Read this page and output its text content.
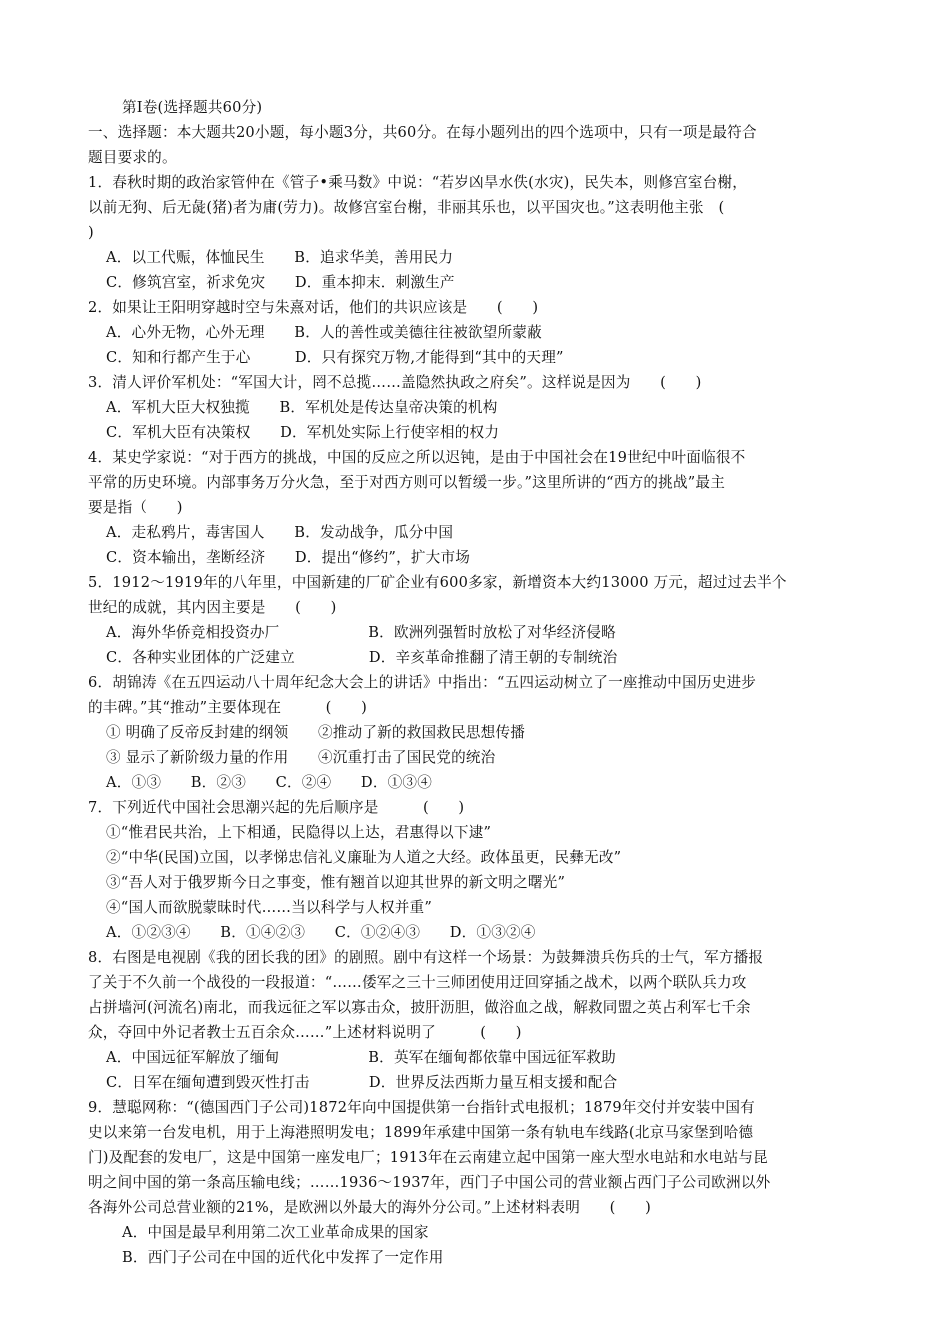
第Ⅰ卷(选择题共60分)
一、选择题：本大题共20小题，每小题3分，共60分。在每小题列出的四个选项中，只有一项是最符合
题目要求的。
1．春秋时期的政治家管仲在《管子•乘马数》中说：“若岁凶旱水佚(水灾)，民失本，则修宫室台榭，
以前无狗、后无彘(猪)者为庸(劳力)。故修宫室台榭，非丽其乐也，以平国灾也。”这表明他主张　(
)
A．以工代赈，体恤民生　　B．追求华美，善用民力
C．修筑宫室，祈求免灾　　D．重本抑末．刺激生产
2．如果让王阳明穿越时空与朱熹对话，他们的共识应该是　　(　　)
A．心外无物，心外无理　　B．人的善性或美德往往被欲望所蒙蔽
C．知和行都产生于心　　　D．只有探究万物,才能得到“其中的天理”
3．清人评价军机处：“军国大计，罔不总揽……盖隐然执政之府矣”。这样说是因为　　(　　)
A．军机大臣大权独揽　　B．军机处是传达皇帝决策的机构
C．军机大臣有决策权　　D．军机处实际上行使宰相的权力
4．某史学家说：“对于西方的挑战，中国的反应之所以迟钝，是由于中国社会在19世纪中叶面临很不
平常的历史环境。内部事务万分火急，至于对西方则可以暂缓一步。”这里所讲的“西方的挑战”最主
要是指（　　)
A．走私鸦片，毒害国人　　B．发动战争，瓜分中国
C．资本输出，垄断经济　　D．提出“修约”，扩大市场
5．1912～1919年的八年里，中国新建的厂矿企业有600多家，新增资本大约13000 万元，超过过去半个
世纪的成就，其内因主要是　　(　　)
A．海外华侨竞相投资办厂　　　　　　B．欧洲列强暂时放松了对华经济侵略
C．各种实业团体的广泛建立　　　　　D．辛亥革命推翻了清王朝的专制统治
6．胡锦涛《在五四运动八十周年纪念大会上的讲话》中指出：“五四运动树立了一座推动中国历史进步
的丰碑。”其“推动”主要体现在　　　(　　)
① 明确了反帝反封建的纲领　　②推动了新的救国救民思想传播
③ 显示了新阶级力量的作用　　④沉重打击了国民党的统治
A．①③　　B．②③　　C．②④　　D．①③④
7．下列近代中国社会思潮兴起的先后顺序是　　　(　　)
①“惟君民共治，上下相通，民隐得以上达，君惠得以下逮”
②“中华(民国)立国，以孝悌忠信礼义廉耻为人道之大经。政体虽更，民彝无改”
③“吾人对于俄罗斯今日之事变，惟有翘首以迎其世界的新文明之曙光”
④“国人而欲脱蒙昧时代……当以科学与人权并重”
A．①②③④　　B．①④②③　　C．①②④③　　D．①③②④
8．右图是电视剧《我的团长我的团》的剧照。剧中有这样一个场景：为鼓舞溃兵伤兵的士气，军方播报
了关于不久前一个战役的一段报道：“……倭军之三十三师团使用迂回穿插之战术，以两个联队兵力攻
占拼墙河(河流名)南北，而我远征之军以寡击众，披肝沥胆，做浴血之战，解救同盟之英占利军七千余
众，夺回中外记者教士五百余众……”上述材料说明了　　　(　　)
A．中国远征军解放了缅甸　　　　　　B．英军在缅甸都依靠中国远征军救助
C．日军在缅甸遭到毁灭性打击　　　　D．世界反法西斯力量互相支援和配合
9．慧聪网称：“(德国西门子公司)1872年向中国提供第一台指针式电报机；1879年交付并安装中国有
史以来第一台发电机，用于上海港照明发电；1899年承建中国第一条有轨电车线路(北京马家堡到哈德
门)及配套的发电厂，这是中国第一座发电厂；1913年在云南建立起中国第一座大型水电站和水电站与昆
明之间中国的第一条高压输电线；……1936～1937年，西门子中国公司的营业额占西门子公司欧洲以外
各海外公司总营业额的21%，是欧洲以外最大的海外分公司。”上述材料表明　　(　　)
A．中国是最早利用第二次工业革命成果的国家
B．西门子公司在中国的近代化中发挥了一定作用
